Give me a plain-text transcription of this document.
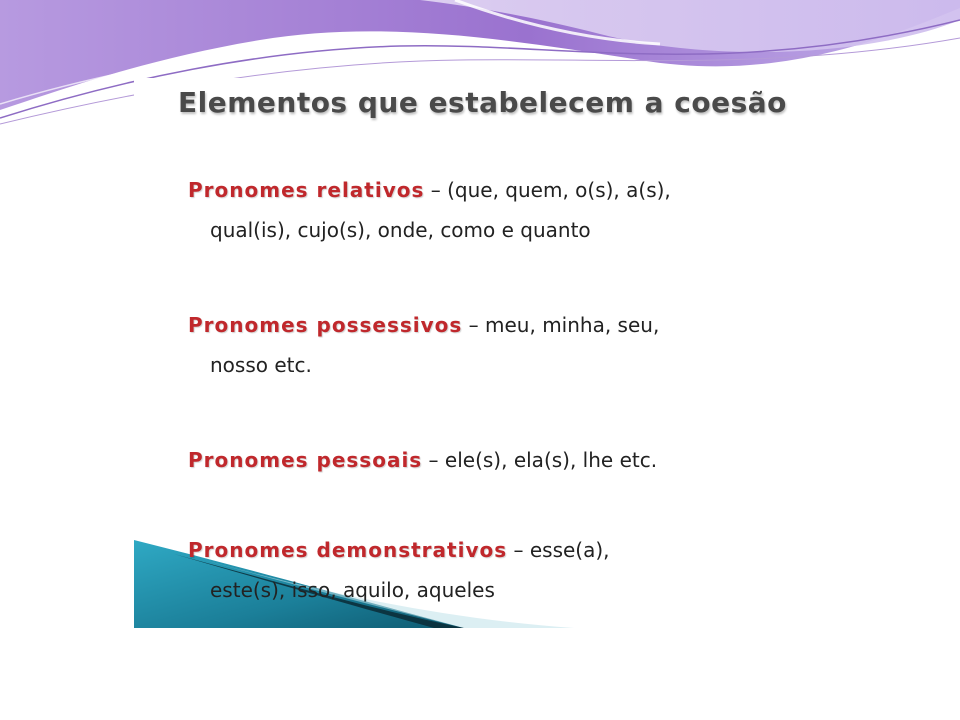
Elementos que estabelecem a coesão
Pronomes relativos – (que, quem, o(s), a(s),
qual(is), cujo(s), onde, como e quanto
Pronomes possessivos – meu, minha, seu,
nosso etc.
Pronomes pessoais – ele(s), ela(s), lhe etc.
Pronomes demonstrativos – esse(a),
este(s), isso, aquilo, aqueles
